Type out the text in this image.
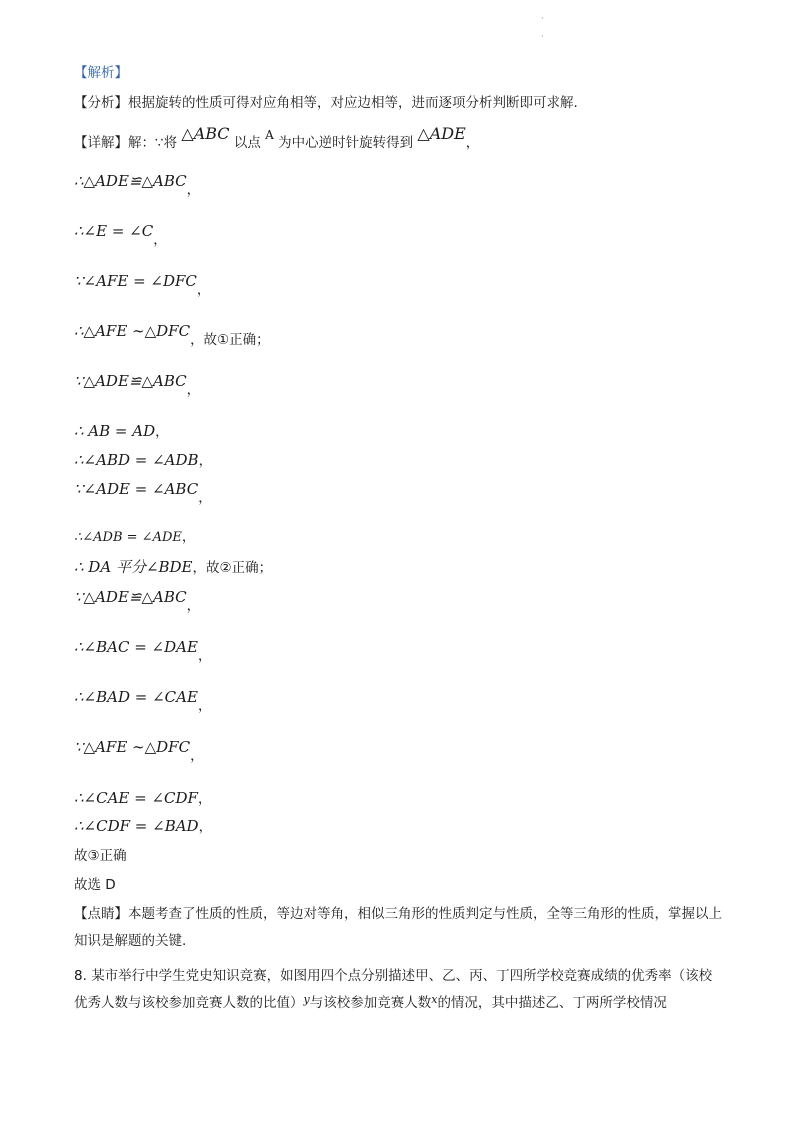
·
·
【解析】
【分析】根据旋转的性质可得对应角相等，对应边相等，进而逐项分析判断即可求解.
【详解】解：∵将 △ABC 以点 A 为中心逆时针旋转得到 △ADE，
∴△ADE≌△ABC，
∴∠E = ∠C，
∵∠AFE = ∠DFC，
∴△AFE ∼△DFC，故①正确；
∵△ADE≌△ABC，
∴ AB = AD，
∴∠ABD = ∠ADB，
∵∠ADE = ∠ABC，
∴∠ADB = ∠ADE，
∴ DA 平分∠BDE，故②正确；
∵△ADE≌△ABC，
∴∠BAC = ∠DAE，
∴∠BAD = ∠CAE，
∵△AFE ∼△DFC，
∴∠CAE = ∠CDF，
∴∠CDF = ∠BAD，
故③正确
故选 D
【点睛】本题考查了性质的性质，等边对等角，相似三角形的性质判定与性质，全等三角形的性质，掌握以上知识是解题的关键.
8. 某市举行中学生党史知识竞赛，如图用四个点分别描述甲、乙、丙、丁四所学校竞赛成绩的优秀率（该校优秀人数与该校参加竞赛人数的比值）$^y$与该校参加竞赛人数$^x$的情况，其中描述乙、丁两所学校情况
